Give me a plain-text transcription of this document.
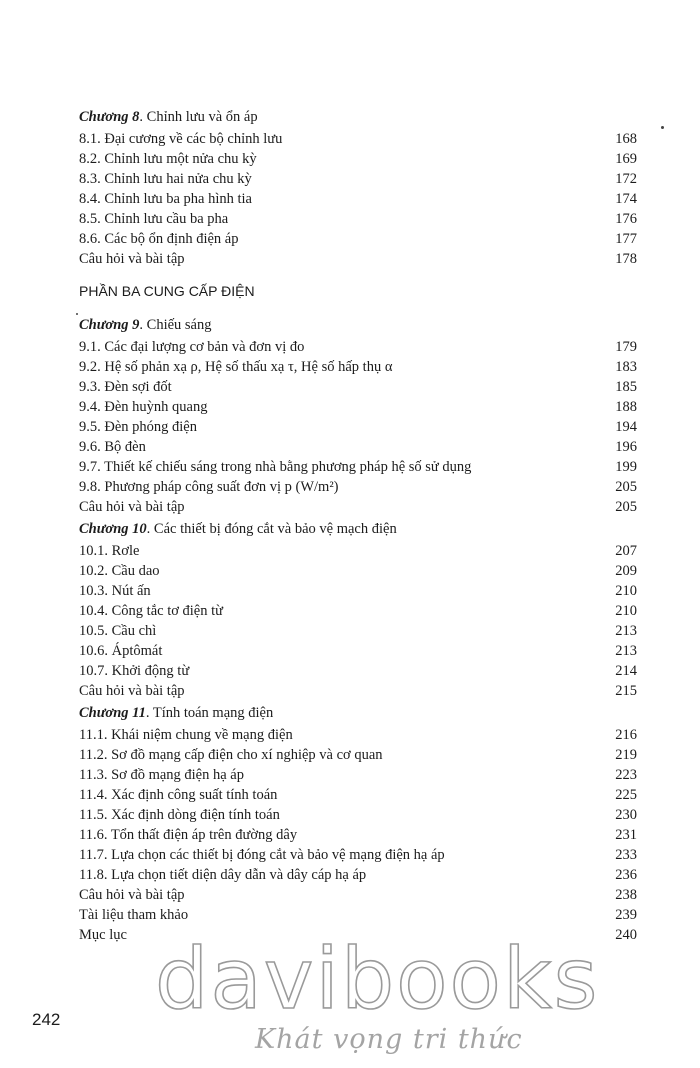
Chương 8. Chỉnh lưu và ổn áp
8.1. Đại cương về các bộ chỉnh lưu	168
8.2. Chỉnh lưu một nửa chu kỳ	169
8.3. Chỉnh lưu hai nửa chu kỳ	172
8.4. Chỉnh lưu ba pha hình tia	174
8.5. Chỉnh lưu cầu ba pha	176
8.6. Các bộ ổn định điện áp	177
Câu hỏi và bài tập	178
PHẦN BA CUNG CẤP ĐIỆN
Chương 9. Chiếu sáng
9.1. Các đại lượng cơ bản và đơn vị đo	179
9.2. Hệ số phản xạ ρ, Hệ số thấu xạ τ, Hệ số hấp thụ α	183
9.3. Đèn sợi đốt	185
9.4. Đèn huỳnh quang	188
9.5. Đèn phóng điện	194
9.6. Bộ đèn	196
9.7. Thiết kế chiếu sáng trong nhà bằng phương pháp hệ số sử dụng	199
9.8. Phương pháp công suất đơn vị p (W/m²)	205
Câu hỏi và bài tập	205
Chương 10. Các thiết bị đóng cắt và bảo vệ mạch điện
10.1. Rơle	207
10.2. Cầu dao	209
10.3. Nút ấn	210
10.4. Công tắc tơ điện từ	210
10.5. Cầu chì	213
10.6. Áptômát	213
10.7. Khởi động từ	214
Câu hỏi và bài tập	215
Chương 11. Tính toán mạng điện
11.1. Khái niệm chung về mạng điện	216
11.2. Sơ đồ mạng cấp điện cho xí nghiệp và cơ quan	219
11.3. Sơ đồ mạng điện hạ áp	223
11.4. Xác định công suất tính toán	225
11.5. Xác định dòng điện tính toán	230
11.6. Tổn thất điện áp trên đường dây	231
11.7. Lựa chọn các thiết bị đóng cắt và bảo vệ mạng điện hạ áp	233
11.8. Lựa chọn tiết diện dây dẫn và dây cáp hạ áp	236
Câu hỏi và bài tập	238
Tài liệu tham khảo	239
Mục lục	240
davibooks
Khát vọng tri thức
242
